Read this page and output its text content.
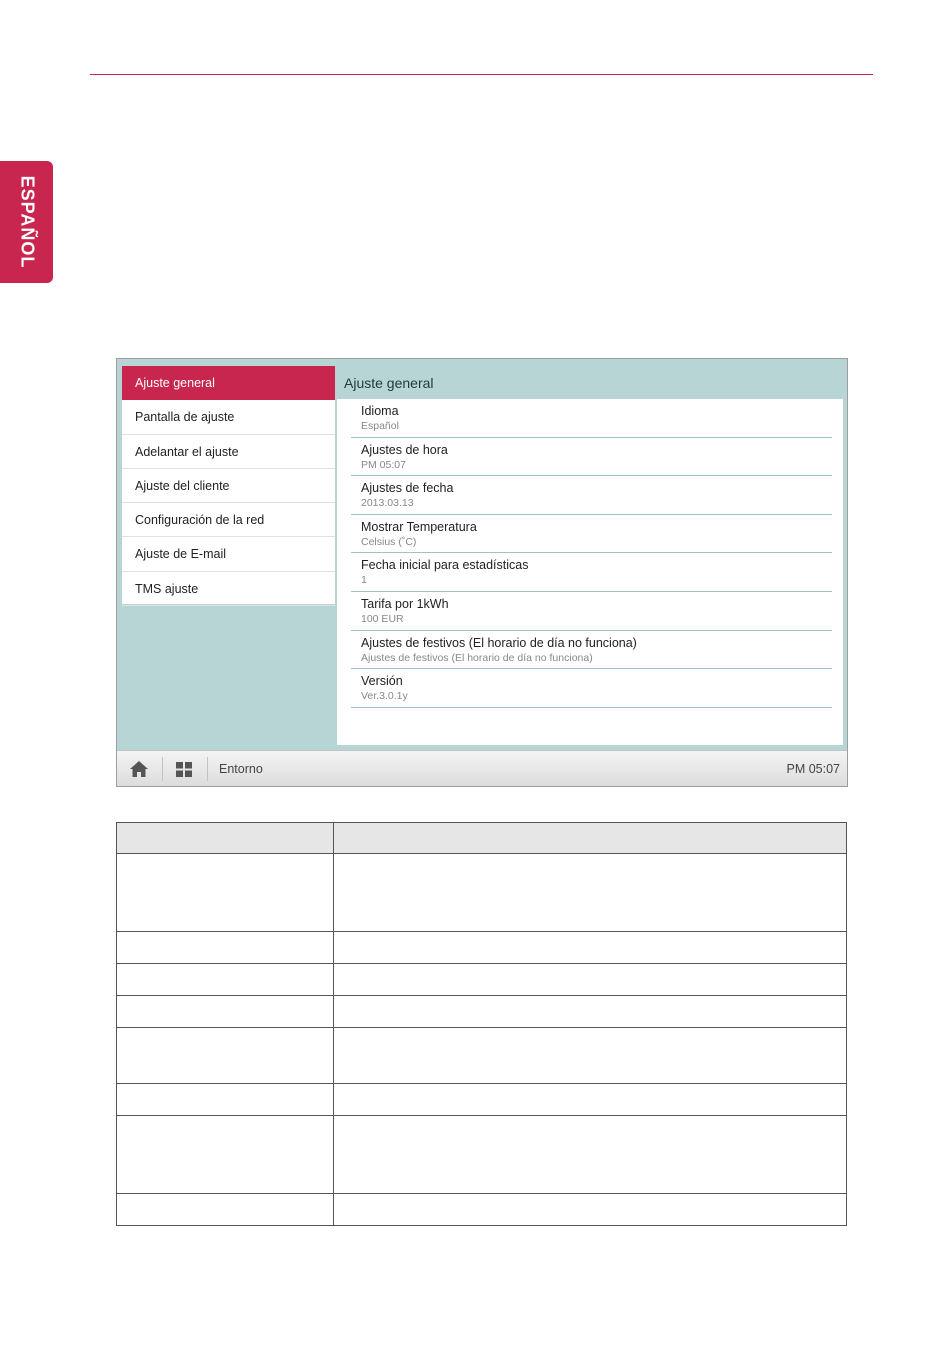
ESPAÑOL
Ajuste general
Pantalla de ajuste
Adelantar el ajuste
Ajuste del cliente
Configuración de la red
Ajuste de E-mail
TMS ajuste
Ajuste general
Idioma
Español
Ajustes de hora
PM 05:07
Ajustes de fecha
2013.03.13
Mostrar Temperatura
Celsius (˚C)
Fecha inicial para estadísticas
1
Tarifa por 1kWh
100 EUR
Ajustes de festivos (El horario de día no funciona)
Ajustes de festivos (El horario de día no funciona)
Versión
Ver.3.0.1y
Entorno	PM 05:07
